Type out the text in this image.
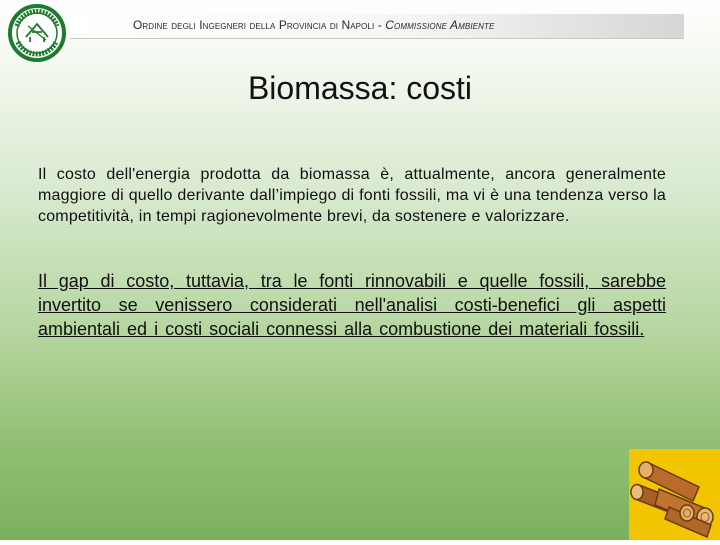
Ordine degli Ingegneri della Provincia di Napoli - Commissione Ambiente
Biomassa: costi

Il costo dell'energia prodotta da biomassa è, attualmente, ancora generalmente maggiore di quello derivante dall’impiego di fonti fossili, ma vi è una tendenza verso la competitività, in tempi ragionevolmente brevi, da sostenere e valorizzare.

Il gap di costo, tuttavia, tra le fonti rinnovabili e quelle fossili, sarebbe invertito se venissero considerati nell'analisi costi-benefici gli aspetti ambientali ed i costi sociali connessi alla combustione dei materiali fossili.
